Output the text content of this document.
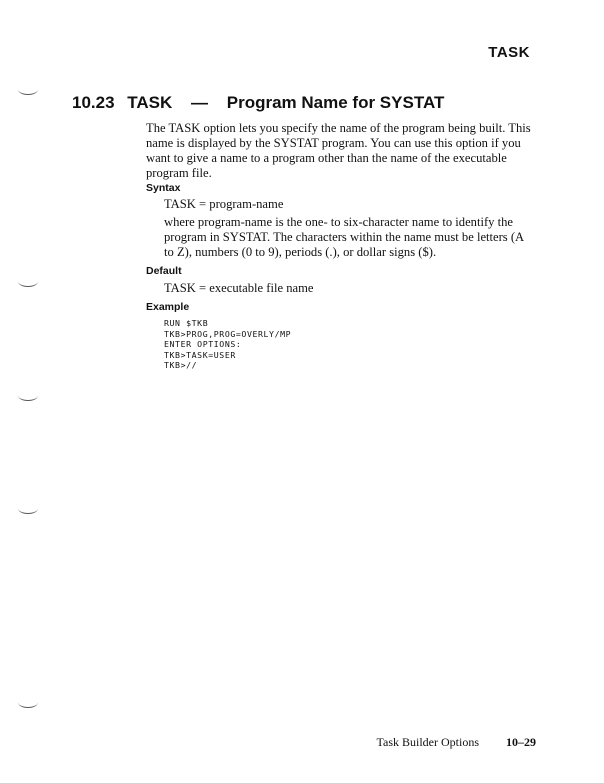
TASK
10.23 TASK — Program Name for SYSTAT
The TASK option lets you specify the name of the program being built. This name is displayed by the SYSTAT program. You can use this option if you want to give a name to a program other than the name of the executable program file.
Syntax
TASK = program-name
where program-name is the one- to six-character name to identify the program in SYSTAT. The characters within the name must be letters (A to Z), numbers (0 to 9), periods (.), or dollar signs ($).
Default
TASK = executable file name
Example
RUN $TKB
TKB>PROG,PROG=OVERLY/MP
ENTER OPTIONS:
TKB>TASK=USER
TKB>//
Task Builder Options 10–29
